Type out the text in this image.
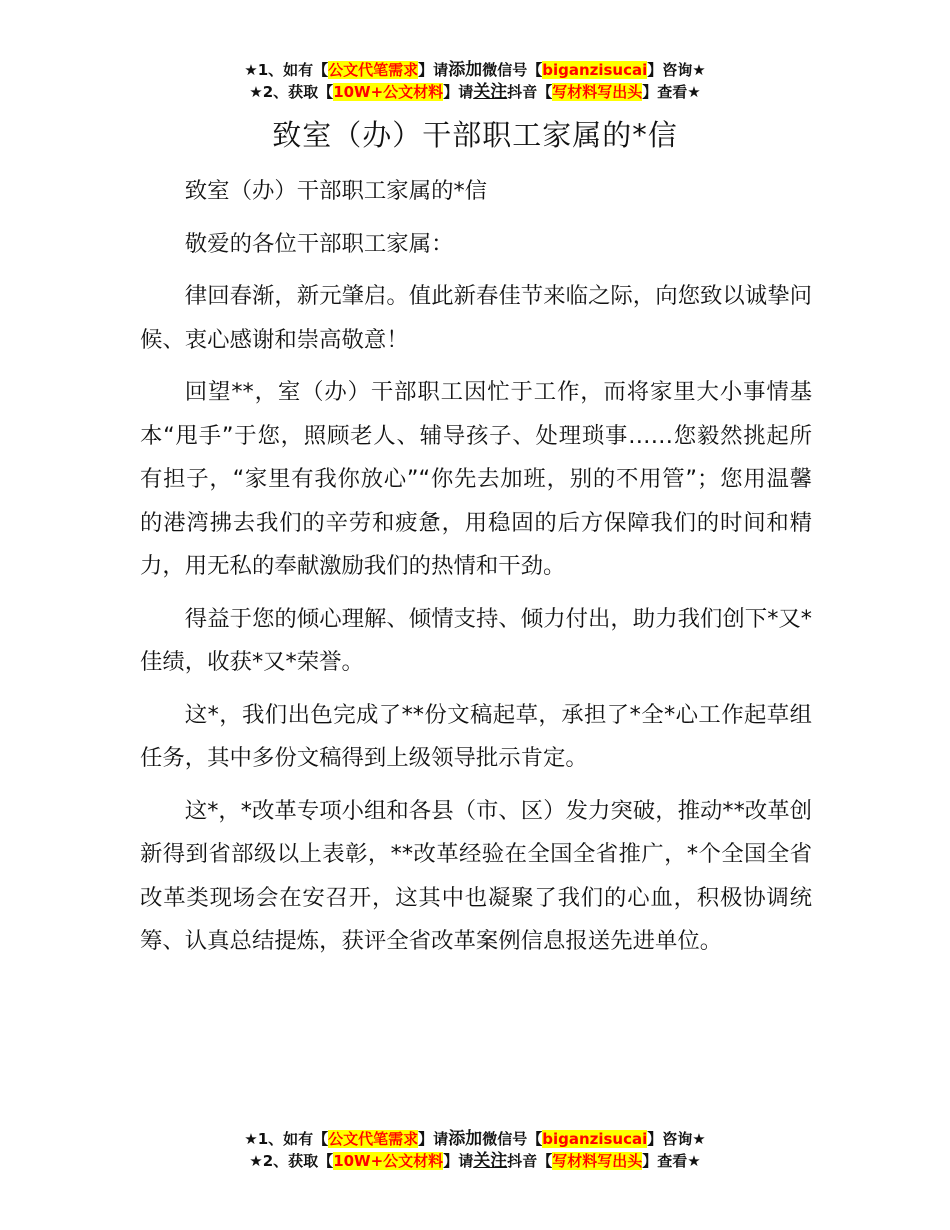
★1、如有【公文代笔需求】请添加微信号【biganzisucai】咨询★
★2、获取【10W+公文材料】请关注抖音【写材料写出头】查看★
致室（办）干部职工家属的*信

致室（办）干部职工家属的*信

敬爱的各位干部职工家属：

律回春渐，新元肇启。值此新春佳节来临之际，向您致以诚挚问候、衷心感谢和崇高敬意！

回望**，室（办）干部职工因忙于工作，而将家里大小事情基本“甩手”于您，照顾老人、辅导孩子、处理琐事……您毅然挑起所有担子，“家里有我你放心”“你先去加班，别的不用管”；您用温馨的港湾拂去我们的辛劳和疲惫，用稳固的后方保障我们的时间和精力，用无私的奉献激励我们的热情和干劲。

得益于您的倾心理解、倾情支持、倾力付出，助力我们创下*又*佳绩，收获*又*荣誉。

这*，我们出色完成了**份文稿起草，承担了*全*心工作起草组任务，其中多份文稿得到上级领导批示肯定。

这*，*改革专项小组和各县（市、区）发力突破，推动**改革创新得到省部级以上表彰，**改革经验在全国全省推广，*个全国全省改革类现场会在安召开，这其中也凝聚了我们的心血，积极协调统筹、认真总结提炼，获评全省改革案例信息报送先进单位。

★1、如有【公文代笔需求】请添加微信号【biganzisucai】咨询★
★2、获取【10W+公文材料】请关注抖音【写材料写出头】查看★
